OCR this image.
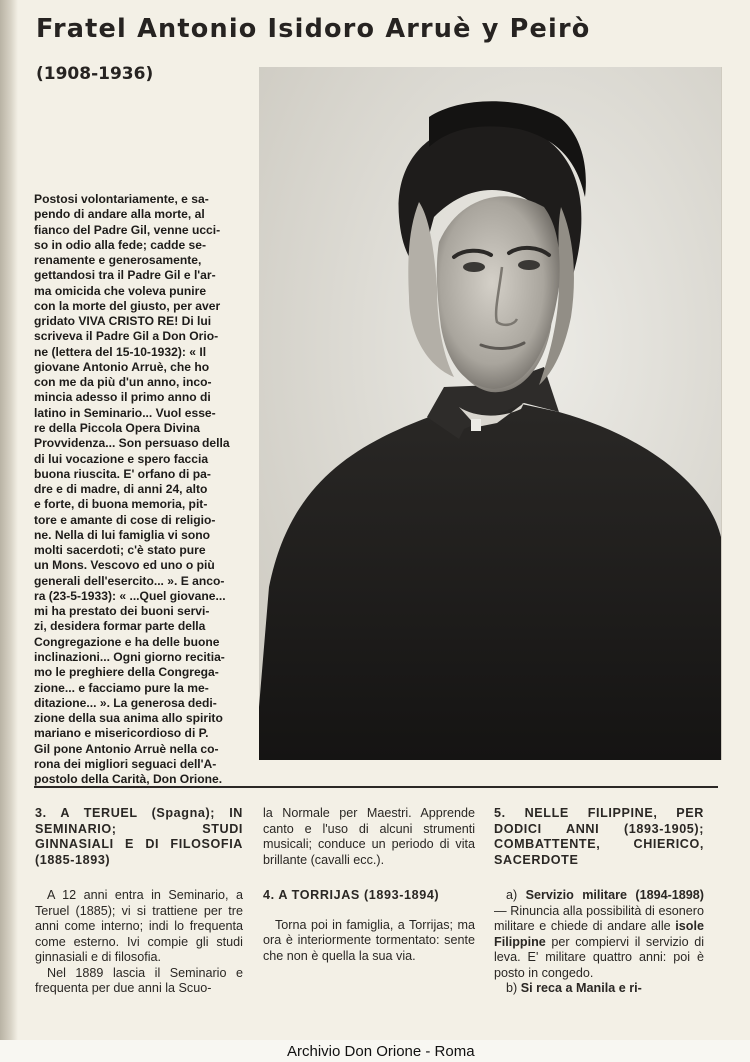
Fratel Antonio Isidoro Arruè y Peirò
(1908-1936)
Postosi volontariamente, e sa-
pendo di andare alla morte, al
fianco del Padre Gil, venne ucci-
so in odio alla fede; cadde se-
renamente e generosamente,
gettandosi tra il Padre Gil e l'ar-
ma omicida che voleva punire
con la morte del giusto, per aver
gridato VIVA CRISTO RE! Di lui
scriveva il Padre Gil a Don Orio-
ne (lettera del 15-10-1932): « Il
giovane Antonio Arruè, che ho
con me da più d'un anno, inco-
mincia adesso il primo anno di
latino in Seminario... Vuol esse-
re della Piccola Opera Divina
Provvidenza... Son persuaso della
di lui vocazione e spero faccia
buona riuscita. E' orfano di pa-
dre e di madre, di anni 24, alto
e forte, di buona memoria, pit-
tore e amante di cose di religio-
ne. Nella di lui famiglia vi sono
molti sacerdoti; c'è stato pure
un Mons. Vescovo ed uno o più
generali dell'esercito... ». E anco-
ra (23-5-1933): « ...Quel giovane...
mi ha prestato dei buoni servi-
zi, desidera formar parte della
Congregazione e ha delle buone
inclinazioni... Ogni giorno recitia-
mo le preghiere della Congrega-
zione... e facciamo pure la me-
ditazione... ». La generosa dedi-
zione della sua anima allo spirito
mariano e misericordioso di P.
Gil pone Antonio Arruè nella co-
rona dei migliori seguaci dell'A-
postolo della Carità, Don Orione.
3. A TERUEL (Spagna); IN SEMINARIO; STUDI GINNASIALI E DI FILOSOFIA (1885-1893)

A 12 anni entra in Seminario, a Teruel (1885); vi si trattiene per tre anni come interno; indi lo frequenta come esterno. Ivi compie gli studi ginnasiali e di filosofia.

Nel 1889 lascia il Seminario e frequenta per due anni la Scuo-

la Normale per Maestri. Apprende canto e l'uso di alcuni strumenti musicali; conduce un periodo di vita brillante (cavalli ecc.).

4. A TORRIJAS (1893-1894)

Torna poi in famiglia, a Torrijas; ma ora è interiormente tormentato: sente che non è quella la sua via.

5. NELLE FILIPPINE, PER DODICI ANNI (1893-1905); COMBATTENTE, CHIERICO, SACERDOTE

a) Servizio militare (1894-1898) — Rinuncia alla possibilità di esonero militare e chiede di andare alle isole Filippine per compiervi il servizio di leva. E' militare quattro anni: poi è posto in congedo.

b) Si reca a Manila e ri-

Archivio Don Orione - Roma
